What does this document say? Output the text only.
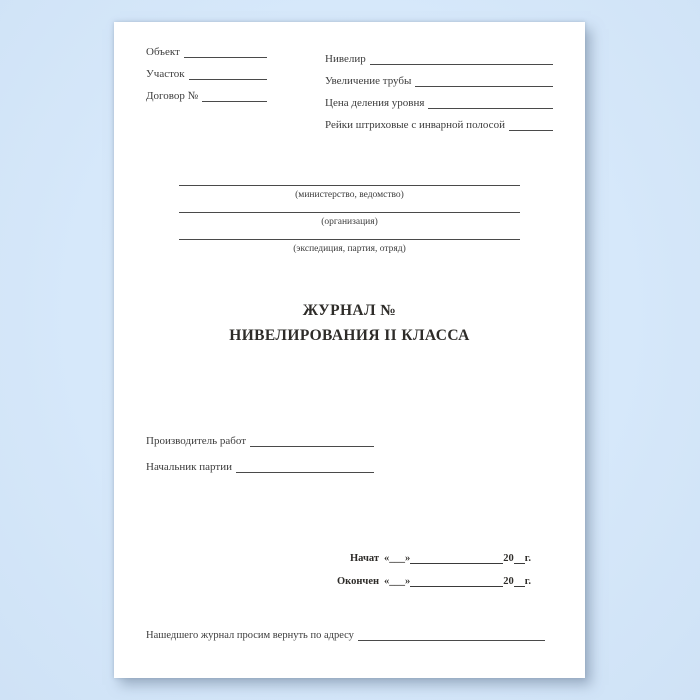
Объект
Участок
Договор №
Нивелир
Увеличение трубы
Цена деления уровня
Рейки штриховые с инварной полосой
(министерство, ведомство)
(организация)
(экспедиция, партия, отряд)
ЖУРНАЛ №
НИВЕЛИРОВАНИЯ II КЛАССА
Производитель работ
Начальник партии
Начат «___»	20 г.
Окончен «___»	20 г.
Нашедшего журнал просим вернуть по адресу
